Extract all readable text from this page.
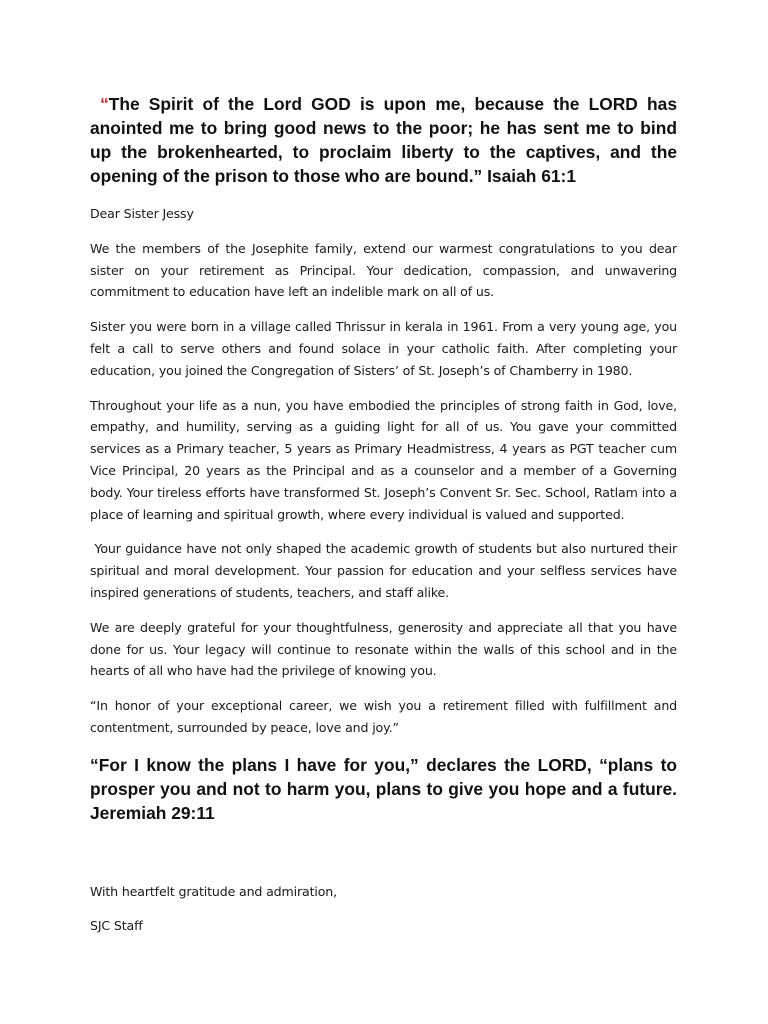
“The Spirit of the Lord GOD is upon me, because the LORD has anointed me to bring good news to the poor; he has sent me to bind up the brokenhearted, to proclaim liberty to the captives, and the opening of the prison to those who are bound.” Isaiah 61:1

Dear Sister Jessy

We the members of the Josephite family, extend our warmest congratulations to you dear sister on your retirement as Principal. Your dedication, compassion, and unwavering commitment to education have left an indelible mark on all of us.

Sister you were born in a village called Thrissur in kerala in 1961. From a very young age, you felt a call to serve others and found solace in your catholic faith. After completing your education, you joined the Congregation of Sisters’ of St. Joseph’s of Chamberry in 1980.

Throughout your life as a nun, you have embodied the principles of strong faith in God, love, empathy, and humility, serving as a guiding light for all of us. You gave your committed services as a Primary teacher, 5 years as Primary Headmistress, 4 years as PGT teacher cum Vice Principal, 20 years as the Principal and as a counselor and a member of a Governing body. Your tireless efforts have transformed St. Joseph’s Convent Sr. Sec. School, Ratlam into a place of learning and spiritual growth, where every individual is valued and supported.

Your guidance have not only shaped the academic growth of students but also nurtured their spiritual and moral development. Your passion for education and your selfless services have inspired generations of students, teachers, and staff alike.

We are deeply grateful for your thoughtfulness, generosity and appreciate all that you have done for us. Your legacy will continue to resonate within the walls of this school and in the hearts of all who have had the privilege of knowing you.

“In honor of your exceptional career, we wish you a retirement filled with fulfillment and contentment, surrounded by peace, love and joy.”

“For I know the plans I have for you,” declares the LORD, “plans to prosper you and not to harm you, plans to give you hope and a future. Jeremiah 29:11

With heartfelt gratitude and admiration,

SJC Staff
